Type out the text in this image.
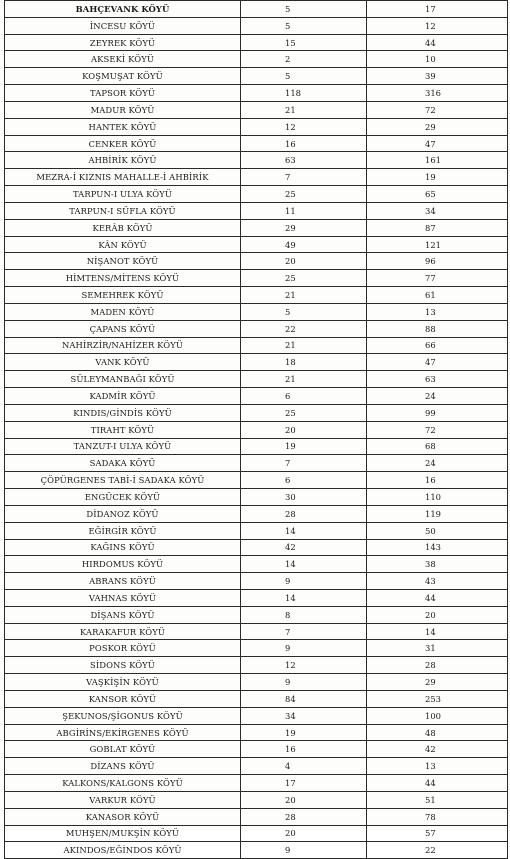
BAHÇEVANK KÖYÜ	5	17
İNCESU KÖYÜ	5	12
ZEYREK KÖYÜ	15	44
AKSEKİ KÖYÜ	2	10
KOŞMUŞAT KÖYÜ	5	39
TAPSOR KÖYÜ	118	316
MADUR KÖYÜ	21	72
HANTEK KÖYÜ	12	29
CENKER KÖYÜ	16	47
AHBİRİK KÖYÜ	63	161
MEZRA-İ KIZNIS MAHALLE-İ AHBİRİK	7	19
TARPUN-I ULYA KÖYÜ	25	65
TARPUN-I SÜFLA KÖYÜ	11	34
KERÂB KÖYÜ	29	87
KÂN KÖYÜ	49	121
NİŞANOT KÖYÜ	20	96
HİMTENS/MİTENS KÖYÜ	25	77
SEMEHREK KÖYÜ	21	61
MADEN KÖYÜ	5	13
ÇAPANS KÖYÜ	22	88
NAHİRZİR/NAHİZER KÖYÜ	21	66
VANK KÖYÜ	18	47
SÜLEYMANBAĞI KÖYÜ	21	63
KADMİR KÖYÜ	6	24
KINDIS/GİNDİS KÖYÜ	25	99
TIRAHT KÖYÜ	20	72
TANZUT-I ULYA KÖYÜ	19	68
SADAKA KÖYÜ	7	24
ÇÖPÜRGENES TABİ-İ SADAKA KÖYÜ	6	16
ENGÜCEK KÖYÜ	30	110
DİDANOZ KÖYÜ	28	119
EĞİRGİR KÖYÜ	14	50
KAĞINS KÖYÜ	42	143
HIRDOMUS KÖYÜ	14	38
ABRANS KÖYÜ	9	43
VAHNAS KÖYÜ	14	44
DİŞANS KÖYÜ	8	20
KARAKAFUR KÖYÜ	7	14
POSKOR KÖYÜ	9	31
SİDONS KÖYÜ	12	28
VAŞKİŞİN KÖYÜ	9	29
KANSOR KÖYÜ	84	253
ŞEKUNOS/ŞİGONUS KÖYÜ	34	100
ABGİRİNS/EKİRGENES KÖYÜ	19	48
GOBLAT KÖYÜ	16	42
DİZANS KÖYÜ	4	13
KALKONS/KALGONS KÖYÜ	17	44
VARKUR KÖYÜ	20	51
KANASOR KÖYÜ	28	78
MUHŞEN/MUKŞİN KÖYÜ	20	57
AKINDOS/EĞİNDOS KÖYÜ	9	22
